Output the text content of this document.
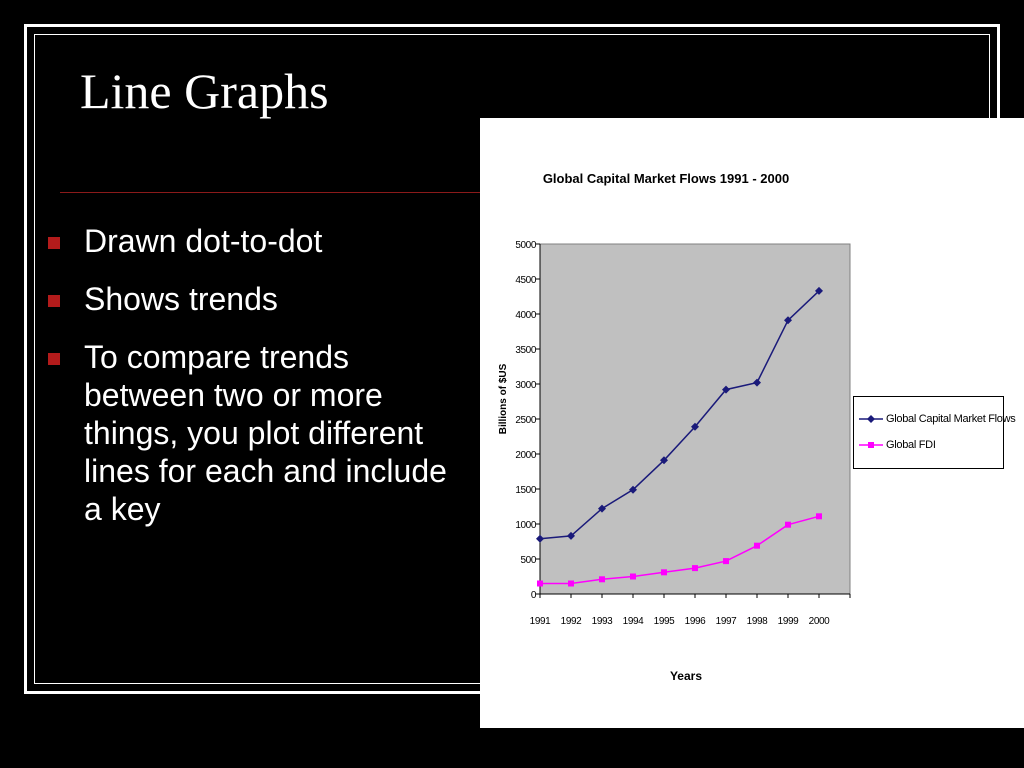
Line Graphs
Drawn dot-to-dot
Shows trends
To compare trends between two or more things, you plot different lines for each and include a key
Global Capital Market Flows 1991 - 2000
0
500
1000
1500
2000
2500
3000
3500
4000
4500
5000
1991 1992 1993 1994 1995 1996 1997 1998 1999 2000
Billions of $US
Years
Global Capital Market Flows
Global FDI
